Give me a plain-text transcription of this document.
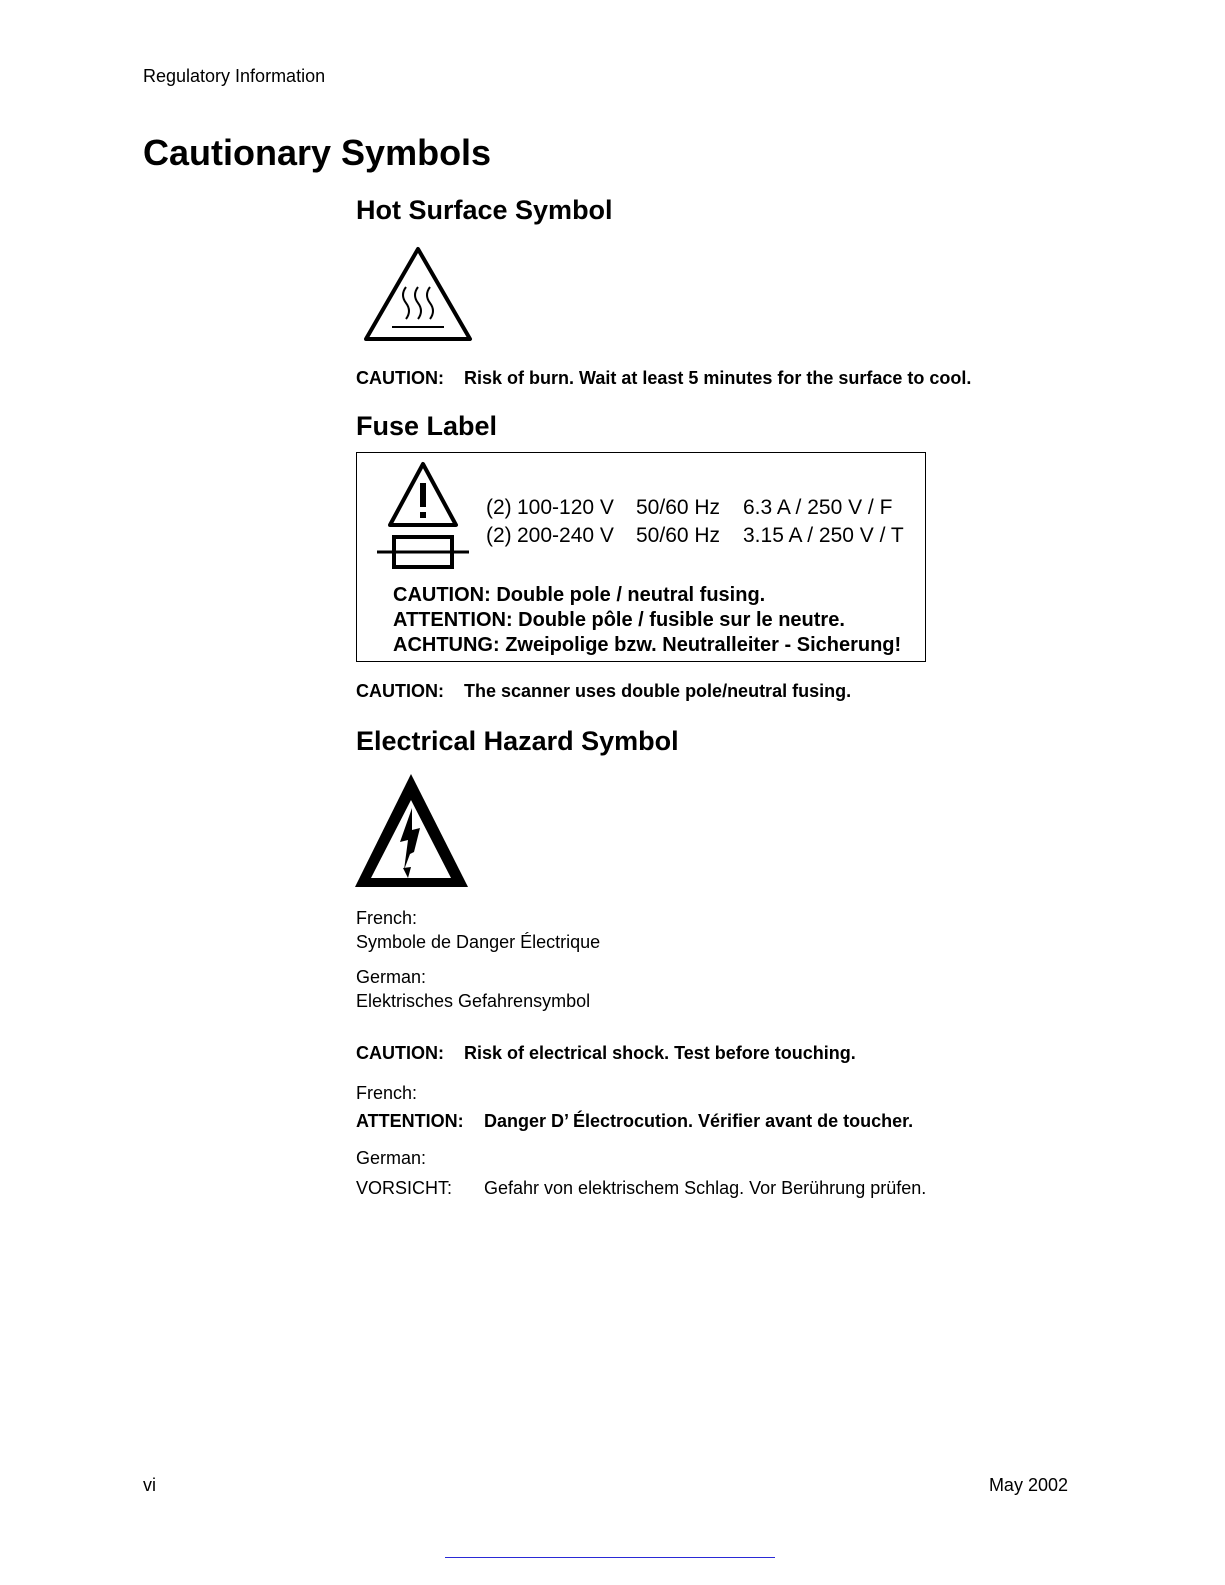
Regulatory Information
Cautionary Symbols
Hot Surface Symbol
CAUTION: Risk of burn. Wait at least 5 minutes for the surface to cool.
Fuse Label
(2) 100-120 V 50/60 Hz 6.3 A / 250 V / F
(2) 200-240 V 50/60 Hz 3.15 A / 250 V / T
CAUTION: Double pole / neutral fusing.
ATTENTION: Double pôle / fusible sur le neutre.
ACHTUNG: Zweipolige bzw. Neutralleiter - Sicherung!
CAUTION: The scanner uses double pole/neutral fusing.
Electrical Hazard Symbol
French:
Symbole de Danger Électrique
German:
Elektrisches Gefahrensymbol
CAUTION: Risk of electrical shock. Test before touching.
French:
ATTENTION: Danger D’ Électrocution. Vérifier avant de toucher.
German:
VORSICHT: Gefahr von elektrischem Schlag. Vor Berührung prüfen.
vi	May 2002
